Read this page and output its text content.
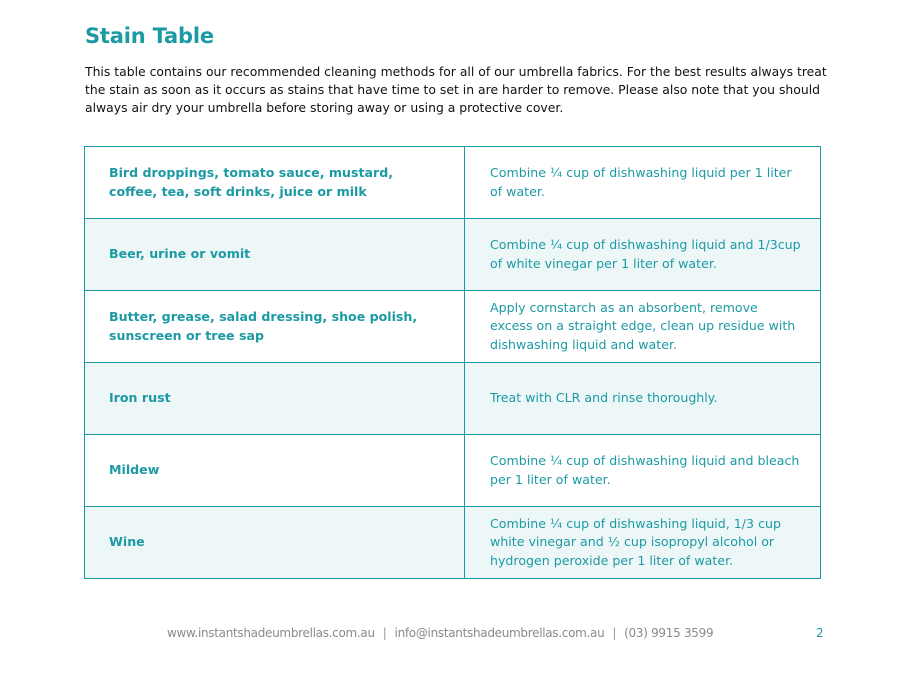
Stain Table

This table contains our recommended cleaning methods for all of our umbrella fabrics. For the best results always treat the stain as soon as it occurs as stains that have time to set in are harder to remove. Please also note that you should always air dry your umbrella before storing away or using a protective cover.

Bird droppings, tomato sauce, mustard, coffee, tea, soft drinks, juice or milk	Combine ¼ cup of dishwashing liquid per 1 liter of water.
Beer, urine or vomit	Combine ¼ cup of dishwashing liquid and 1/3cup of white vinegar per 1 liter of water.
Butter, grease, salad dressing, shoe polish, sunscreen or tree sap	Apply cornstarch as an absorbent, remove excess on a straight edge, clean up residue with dishwashing liquid and water.
Iron rust	Treat with CLR and rinse thoroughly.
Mildew	Combine ¼ cup of dishwashing liquid and bleach per 1 liter of water.
Wine	Combine ¼ cup of dishwashing liquid, 1/3 cup white vinegar and ½ cup isopropyl alcohol or hydrogen peroxide per 1 liter of water.
www.instantshadeumbrellas.com.au | info@instantshadeumbrellas.com.au | (03) 9915 3599	2
